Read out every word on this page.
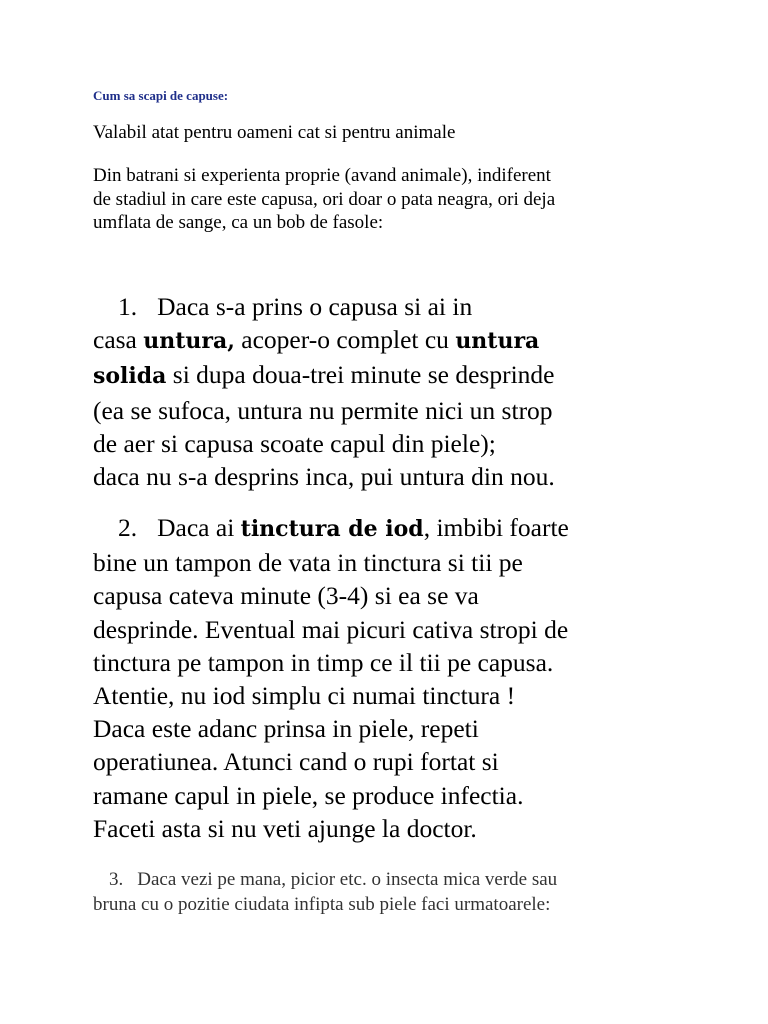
Cum sa scapi de capuse:
Valabil atat pentru oameni cat si pentru animale
Din batrani si experienta proprie (avand animale), indiferent
de stadiul in care este capusa, ori doar o pata neagra, ori deja
umflata de sange, ca un bob de fasole:
1. Daca s-a prins o capusa si ai in
casa untura, acoper-o complet cu untura
solida si dupa doua-trei minute se desprinde
(ea se sufoca, untura nu permite nici un strop
de aer si capusa scoate capul din piele);
daca nu s-a desprins inca, pui untura din nou.
2. Daca ai tinctura de iod, imbibi foarte
bine un tampon de vata in tinctura si tii pe
capusa cateva minute (3-4) si ea se va
desprinde. Eventual mai picuri cativa stropi de
tinctura pe tampon in timp ce il tii pe capusa.
Atentie, nu iod simplu ci numai tinctura !
Daca este adanc prinsa in piele, repeti
operatiunea. Atunci cand o rupi fortat si
ramane capul in piele, se produce infectia.
Faceti asta si nu veti ajunge la doctor.
3. Daca vezi pe mana, picior etc. o insecta mica verde sau
bruna cu o pozitie ciudata infipta sub piele faci urmatoarele:
